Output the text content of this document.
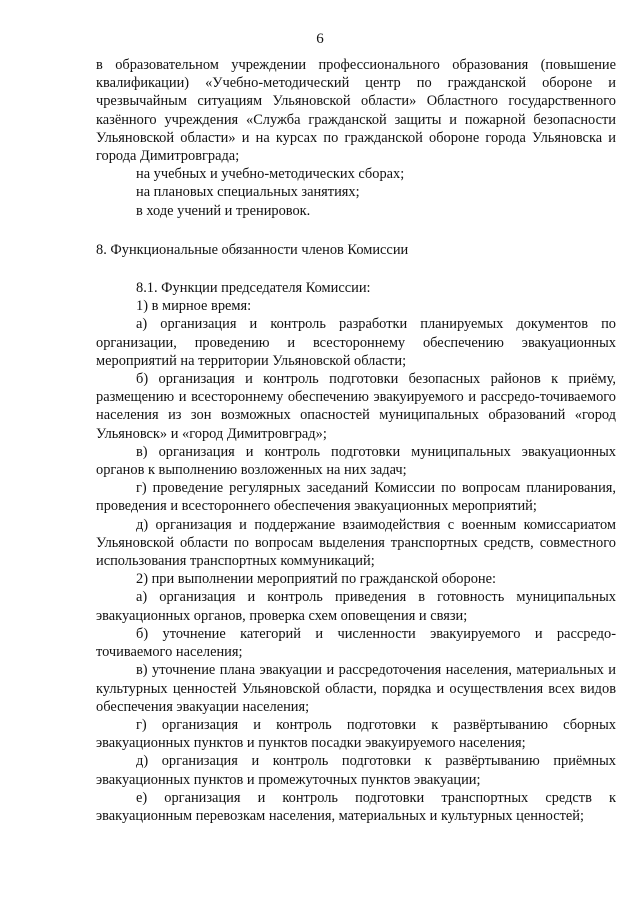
6

в образовательном учреждении профессионального образования (повышение квалификации) «Учебно-методический центр по гражданской обороне и чрезвычайным ситуациям Ульяновской области» Областного государственного казённого учреждения «Служба гражданской защиты и пожарной безопасности Ульяновской области» и на курсах по гражданской обороне города Ульяновска и города Димитровграда;

на учебных и учебно-методических сборах;

на плановых специальных занятиях;

в ходе учений и тренировок.

8. Функциональные обязанности членов Комиссии

8.1. Функции председателя Комиссии:

1) в мирное время:

а) организация и контроль разработки планируемых документов по организации, проведению и всестороннему обеспечению эвакуационных мероприятий на территории Ульяновской области;

б) организация и контроль подготовки безопасных районов к приёму, размещению и всестороннему обеспечению эвакуируемого и рассредо-точиваемого населения из зон возможных опасностей муниципальных образований «город Ульяновск» и «город Димитровград»;

в) организация и контроль подготовки муниципальных эвакуационных органов к выполнению возложенных на них задач;

г) проведение регулярных заседаний Комиссии по вопросам планирования, проведения и всестороннего обеспечения эвакуационных мероприятий;

д) организация и поддержание взаимодействия с военным комиссариатом Ульяновской области по вопросам выделения транспортных средств, совместного использования транспортных коммуникаций;

2) при выполнении мероприятий по гражданской обороне:

а) организация и контроль приведения в готовность муниципальных эвакуационных органов, проверка схем оповещения и связи;

б) уточнение категорий и численности эвакуируемого и рассредо-точиваемого населения;

в) уточнение плана эвакуации и рассредоточения населения, материальных и культурных ценностей Ульяновской области, порядка и осуществления всех видов обеспечения эвакуации населения;

г) организация и контроль подготовки к развёртыванию сборных эвакуационных пунктов и пунктов посадки эвакуируемого населения;

д) организация и контроль подготовки к развёртыванию приёмных эвакуационных пунктов и промежуточных пунктов эвакуации;

е) организация и контроль подготовки транспортных средств к эвакуационным перевозкам населения, материальных и культурных ценностей;
